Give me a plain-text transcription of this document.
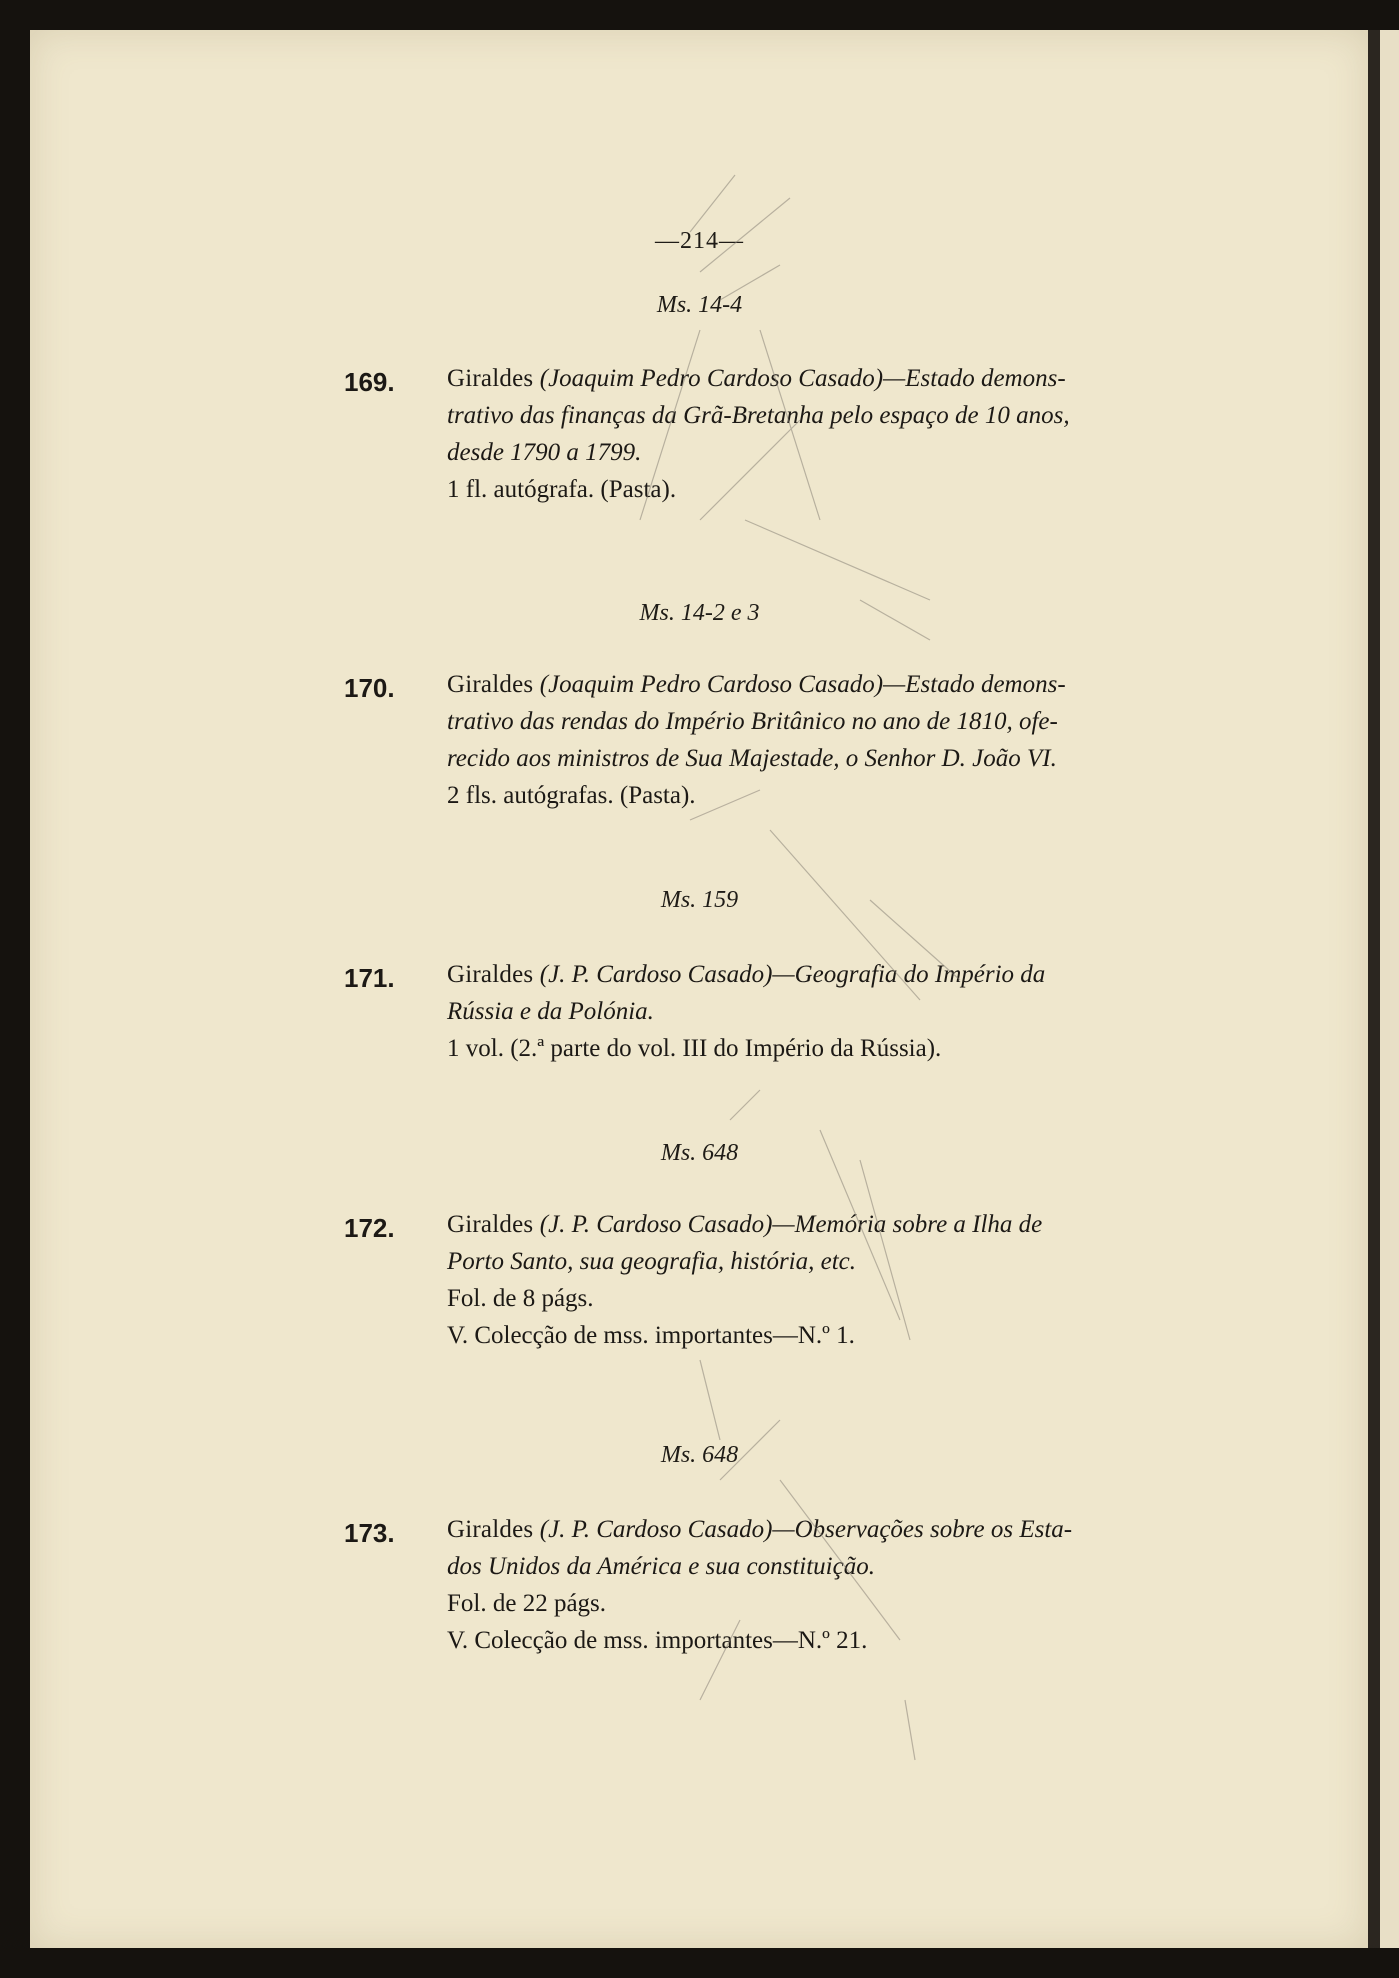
—214—
Ms. 14-4
169. Giraldes (Joaquim Pedro Cardoso Casado)—Estado demons-
trativo das finanças da Grã-Bretanha pelo espaço de 10 anos,
desde 1790 a 1799.
1 fl. autógrafa. (Pasta).
Ms. 14-2 e 3
170. Giraldes (Joaquim Pedro Cardoso Casado)—Estado demons-
trativo das rendas do Império Britânico no ano de 1810, ofe-
recido aos ministros de Sua Majestade, o Senhor D. João VI.
2 fls. autógrafas. (Pasta).
Ms. 159
171. Giraldes (J. P. Cardoso Casado)—Geografia do Império da
Rússia e da Polónia.
1 vol. (2.ª parte do vol. III do Império da Rússia).
Ms. 648
172. Giraldes (J. P. Cardoso Casado)—Memória sobre a Ilha de
Porto Santo, sua geografia, história, etc.
Fol. de 8 págs.
V. Colecção de mss. importantes—N.º 1.
Ms. 648
173. Giraldes (J. P. Cardoso Casado)—Observações sobre os Esta-
dos Unidos da América e sua constituição.
Fol. de 22 págs.
V. Colecção de mss. importantes—N.º 21.
